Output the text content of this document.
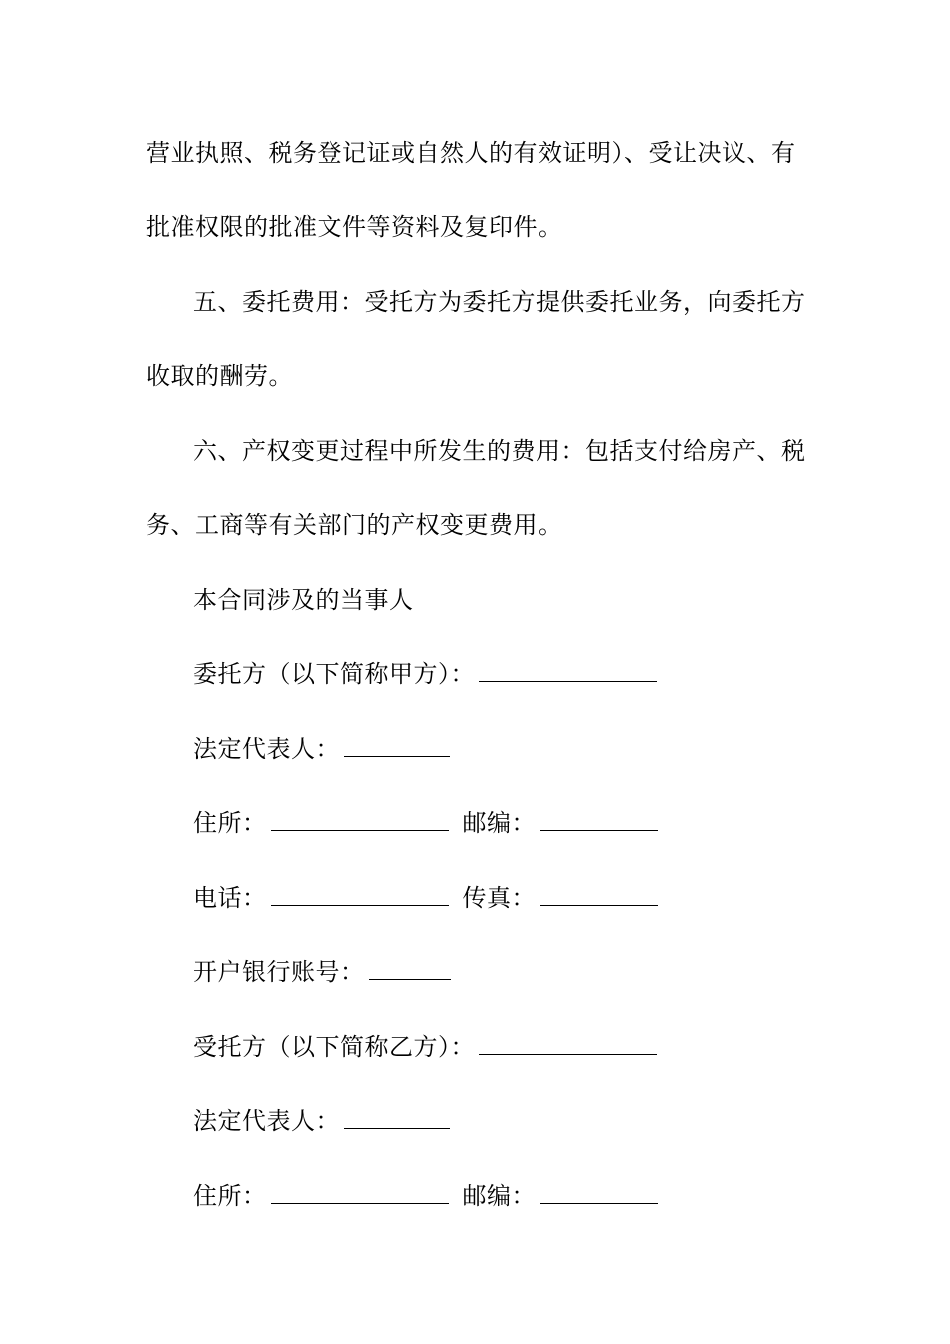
营业执照、税务登记证或自然人的有效证明）、受让决议、有
批准权限的批准文件等资料及复印件。
五、委托费用：受托方为委托方提供委托业务，向委托方
收取的酬劳。
六、产权变更过程中所发生的费用：包括支付给房产、税
务、工商等有关部门的产权变更费用。
本合同涉及的当事人
委托方（以下简称甲方）：
法定代表人：
住所：	邮编：
电话：	传真：
开户银行账号：
受托方（以下简称乙方）：
法定代表人：
住所：	邮编：
